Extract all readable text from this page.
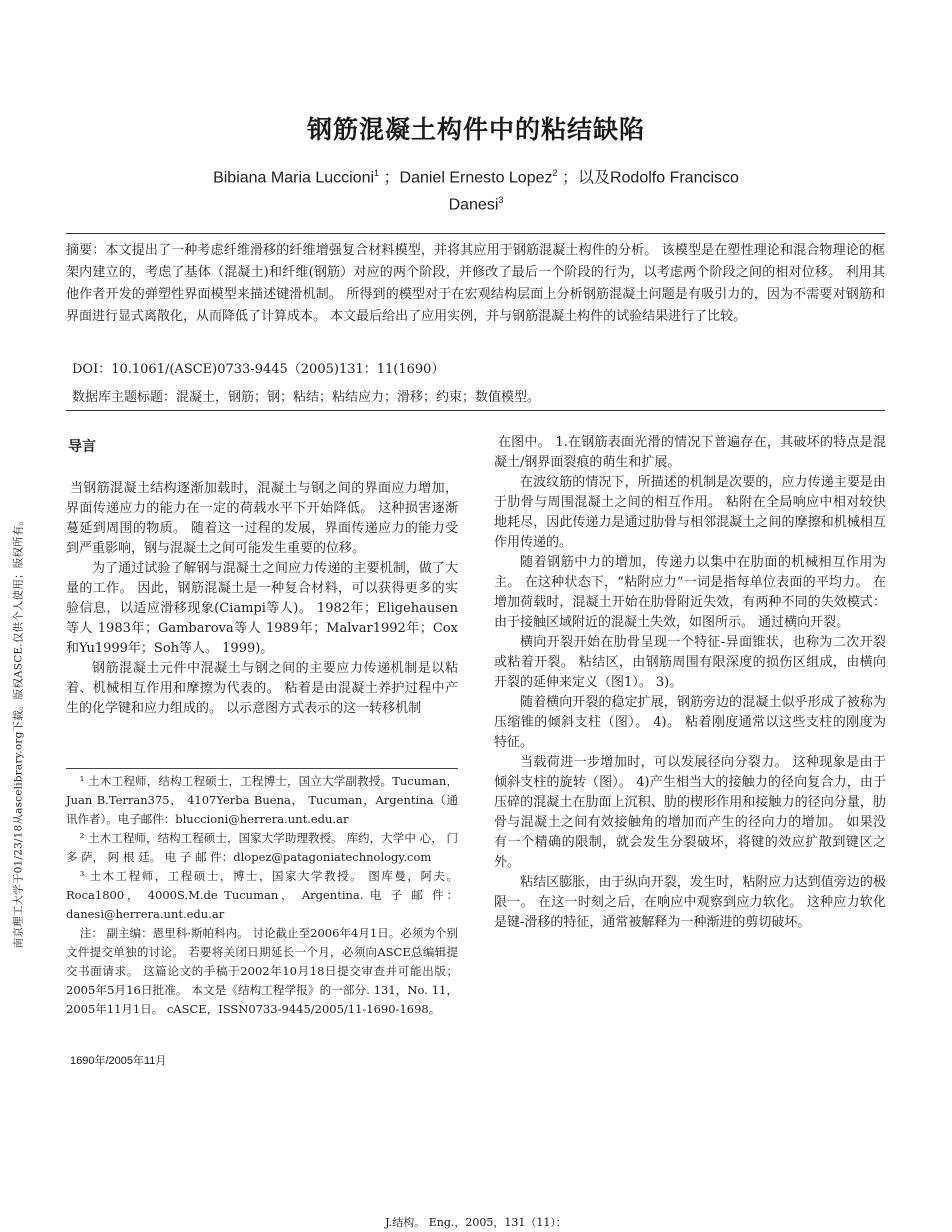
南京理工大学于01/23/18从ascelibrary.org下载。版权ASCE.仅供个人使用；版权所有。
钢筋混凝土构件中的粘结缺陷
Bibiana Maria Luccioni$^1$ ；Daniel Ernesto Lopez$^2$ ；以及Rodolfo Francisco
Danesi$^3$

摘要：本文提出了一种考虑纤维滑移的纤维增强复合材料模型，并将其应用于钢筋混凝土构件的分析。 该模型是在塑性理论和混合物理论的框架内建立的，考虑了基体（混凝土)和纤维(钢筋）对应的两个阶段，并修改了最后一个阶段的行为，以考虑两个阶段之间的相对位移。 利用其他作者开发的弹塑性界面模型来描述键滑机制。 所得到的模型对于在宏观结构层面上分析钢筋混凝土问题是有吸引力的，因为不需要对钢筋和界面进行显式离散化，从而降低了计算成本。 本文最后给出了应用实例，并与钢筋混凝土构件的试验结果进行了比较。

DOI：10.1061/(ASCE)0733-9445（2005)131：11(1690）
数据库主题标题：混凝土，钢筋；钢；粘结；粘结应力；滑移；约束；数值模型。
导言

当钢筋混凝土结构逐渐加载时，混凝土与钢之间的界面应力增加，界面传递应力的能力在一定的荷载水平下开始降低。 这种损害逐渐蔓延到周围的物质。 随着这一过程的发展，界面传递应力的能力受到严重影响，钢与混凝土之间可能发生重要的位移。

为了通过试验了解钢与混凝土之间应力传递的主要机制，做了大量的工作。 因此，钢筋混凝土是一种复合材料，可以获得更多的实验信息，以适应滑移现象(Ciampi等人)。 1982年；Eligehausen等人 1983年；Gambarova等人 1989年；Malvar1992年；Cox和Yu1999年；Soh等人。 1999)。

钢筋混凝土元件中混凝土与钢之间的主要应力传递机制是以粘着、机械相互作用和摩擦为代表的。 粘着是由混凝土养护过程中产生的化学键和应力组成的。 以示意图方式表示的这一转移机制

¹ 土木工程师，结构工程硕士，工程博士，国立大学副教授。Tucuman， Juan B.Terran375， 4107Yerba Buena， Tucuman，Argentina（通讯作者）。电子邮件：bluccioni@herrera.unt.edu.ar

² 土木工程师，结构工程硕士，国家大学助理教授。 库约，大学中 心， 门 多 萨， 阿 根 廷。 电 子 邮 件：dlopez@patagoniatechnology.com

³ 土木工程师，工程硕士，博士，国家大学教授。 图库曼，阿夫。 Roca1800， 4000S.M.de Tucuman， Argentina. 电 子 邮 件：danesi@herrera.unt.edu.ar

注： 副主编：恩里科·斯帕科内。 讨论截止至2006年4月1日。必须为个别文件提交单独的讨论。 若要将关闭日期延长一个月，必须向ASCE总编辑提交书面请求。 这篇论文的手稿于2002年10月18日提交审查并可能出版；2005年5月16日批准。 本文是《结构工程学报》的一部分. 131，No. 11，2005年11月1日。 cASCE，ISSN0733-9445/2005/11-1690-1698。

1690年/2005年11月

在图中。 1.在钢筋表面光滑的情况下普遍存在，其破坏的特点是混凝土/钢界面裂痕的萌生和扩展。

在波纹筋的情况下，所描述的机制是次要的，应力传递主要是由于肋骨与周围混凝土之间的相互作用。 粘附在全局响应中相对较快地耗尽，因此传递力是通过肋骨与相邻混凝土之间的摩擦和机械相互作用传递的。

随着钢筋中力的增加，传递力以集中在肋面的机械相互作用为主。 在这种状态下，“粘附应力”一词是指每单位表面的平均力。 在增加荷载时，混凝土开始在肋骨附近失效，有两种不同的失效模式：由于接触区域附近的混凝土失效，如图所示。 通过横向开裂。

横向开裂开始在肋骨呈现一个特征-异面锥状，也称为二次开裂或粘着开裂。 粘结区，由钢筋周围有限深度的损伤区组成，由横向开裂的延伸来定义（图1）。 3)。

随着横向开裂的稳定扩展，钢筋旁边的混凝土似乎形成了被称为压缩锥的倾斜支柱（图）。 4)。 粘着刚度通常以这些支柱的刚度为特征。

当载荷进一步增加时，可以发展径向分裂力。 这种现象是由于倾斜支柱的旋转（图）。 4)产生相当大的接触力的径向复合力，由于压碎的混凝土在肋面上沉积、肋的楔形作用和接触力的径向分量，肋骨与混凝土之间有效接触角的增加而产生的径向力的增加。 如果没有一个精确的限制，就会发生分裂破坏，将键的效应扩散到键区之外。

粘结区膨胀，由于纵向开裂，发生时，粘附应力达到值旁边的极限一。 在这一时刻之后，在响应中观察到应力软化。 这种应力软化是键-滑移的特征，通常被解释为一种渐进的剪切破坏。

J.结构。 Eng.，2005，131（11）：
